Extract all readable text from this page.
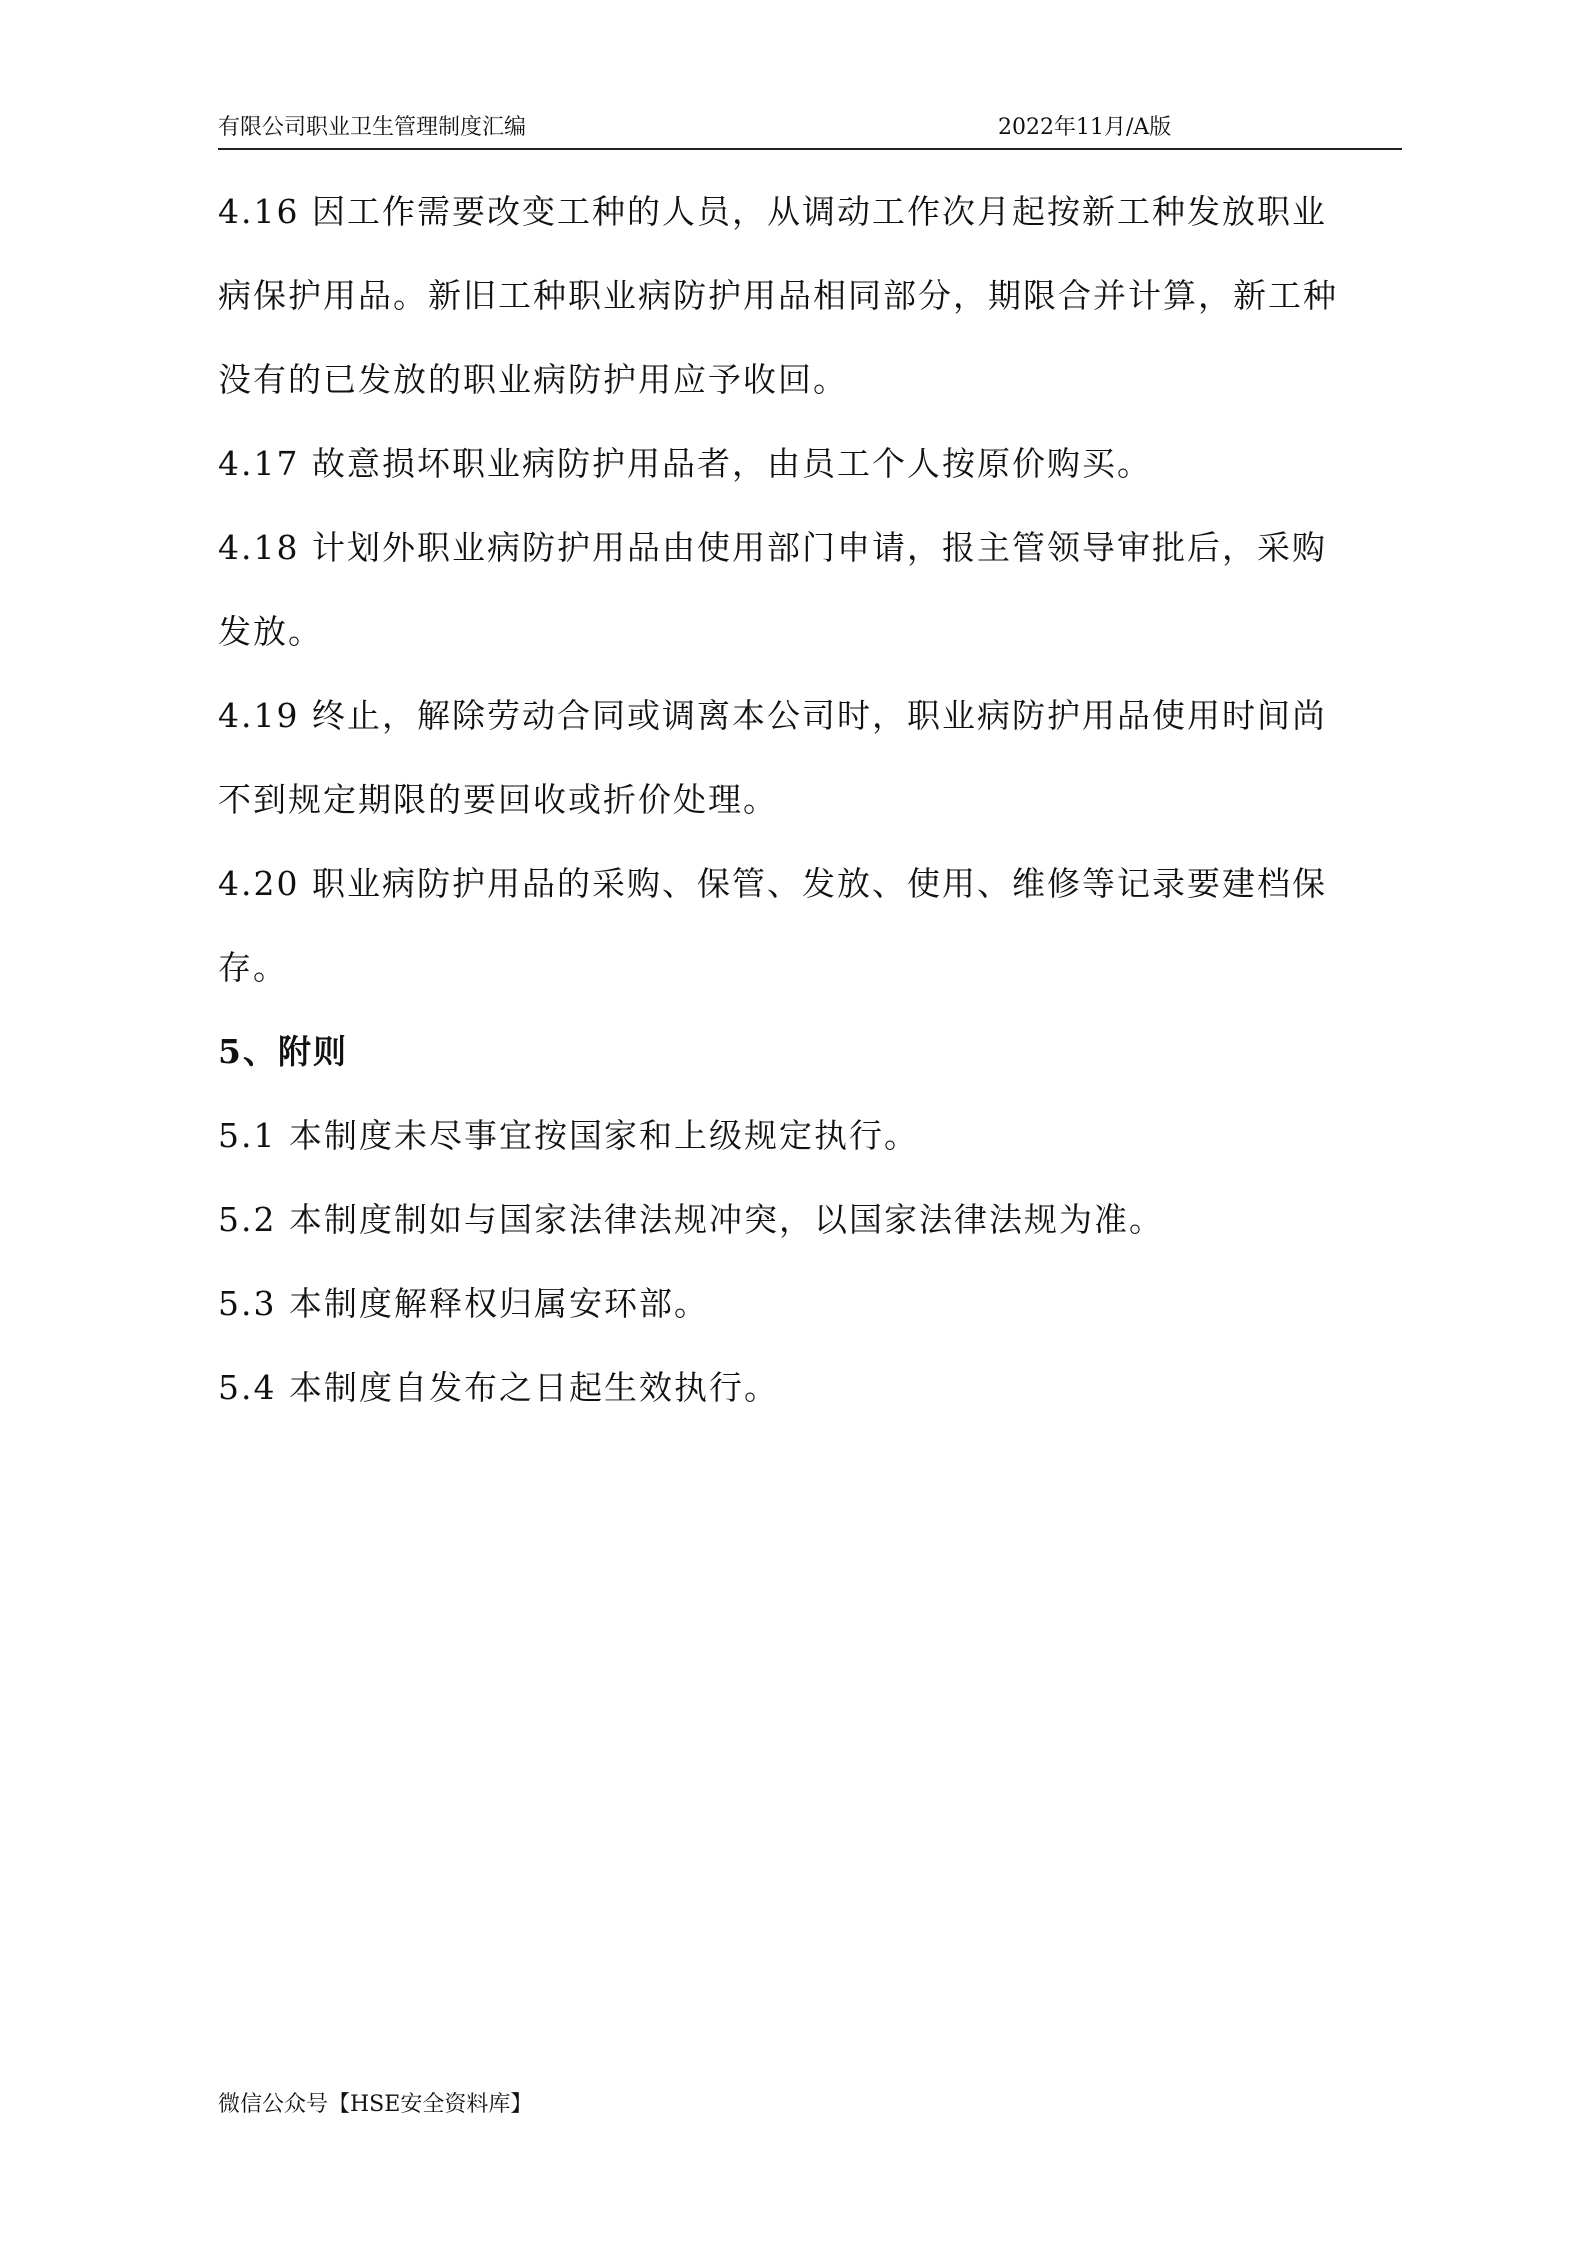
有限公司职业卫生管理制度汇编	2022年11月/A版
4.16 因工作需要改变工种的人员，从调动工作次月起按新工种发放职业
病保护用品。新旧工种职业病防护用品相同部分，期限合并计算，新工种
没有的已发放的职业病防护用应予收回。
4.17 故意损坏职业病防护用品者，由员工个人按原价购买。
4.18 计划外职业病防护用品由使用部门申请，报主管领导审批后，采购
发放。
4.19 终止，解除劳动合同或调离本公司时，职业病防护用品使用时间尚
不到规定期限的要回收或折价处理。
4.20 职业病防护用品的采购、保管、发放、使用、维修等记录要建档保
存。
5、附则
5.1 本制度未尽事宜按国家和上级规定执行。
5.2 本制度制如与国家法律法规冲突，以国家法律法规为准。
5.3 本制度解释权归属安环部。
5.4 本制度自发布之日起生效执行。
微信公众号【HSE安全资料库】
